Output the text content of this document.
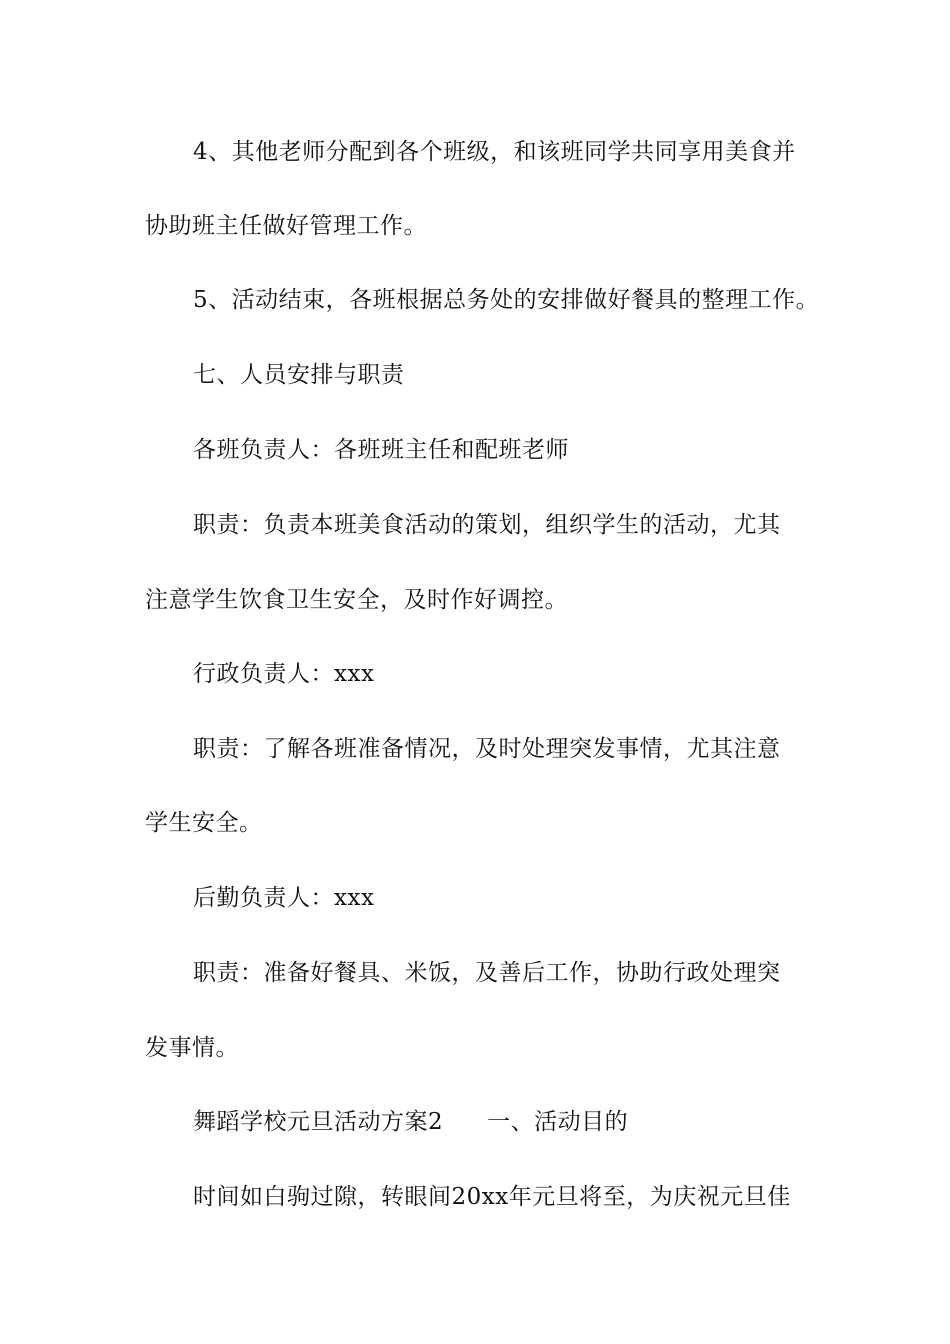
4、其他老师分配到各个班级，和该班同学共同享用美食并
协助班主任做好管理工作。
5、活动结束，各班根据总务处的安排做好餐具的整理工作。
七、人员安排与职责
各班负责人：各班班主任和配班老师
职责：负责本班美食活动的策划，组织学生的活动，尤其
注意学生饮食卫生安全，及时作好调控。
行政负责人：xxx
职责：了解各班准备情况，及时处理突发事情，尤其注意
学生安全。
后勤负责人：xxx
职责：准备好餐具、米饭，及善后工作，协助行政处理突
发事情。
舞蹈学校元旦活动方案2 一、活动目的
时间如白驹过隙，转眼间20xx年元旦将至，为庆祝元旦佳
